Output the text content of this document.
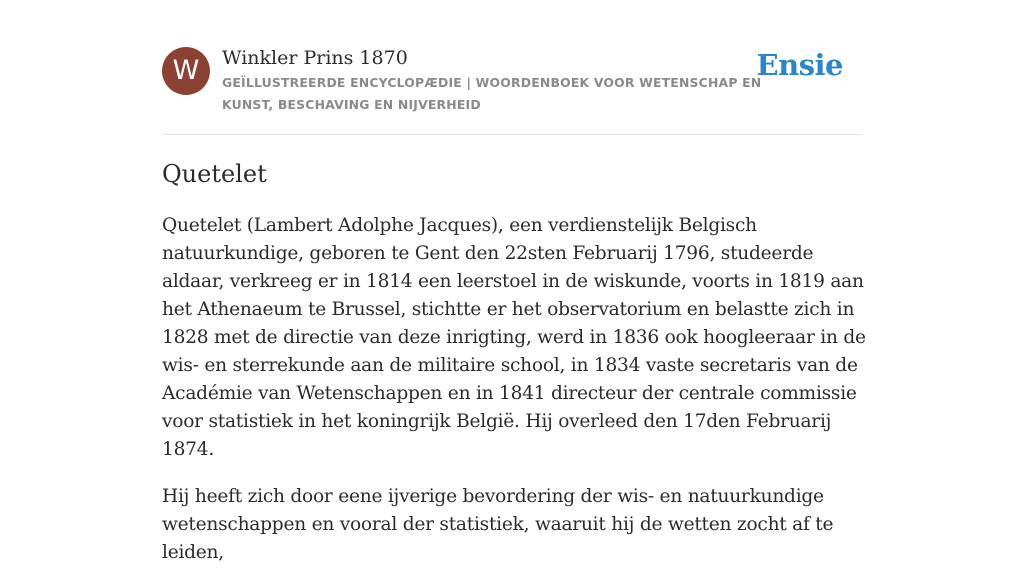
W	Winkler Prins 1870

GEÏLLUSTREERDE ENCYCLOPÆDIE | WOORDENBOEK VOOR WETENSCHAP EN KUNST, BESCHAVING EN NIJVERHEID

Ensie
Quetelet

Quetelet (Lambert Adolphe Jacques), een verdienstelijk Belgisch natuurkundige, geboren te Gent den 22sten Februarij 1796, studeerde aldaar, verkreeg er in 1814 een leerstoel in de wiskunde, voorts in 1819 aan het Athenaeum te Brussel, stichtte er het observatorium en belastte zich in 1828 met de directie van deze inrigting, werd in 1836 ook hoogleeraar in de wis- en sterrekunde aan de militaire school, in 1834 vaste secretaris van de Académie van Wetenschappen en in 1841 directeur der centrale commissie voor statistiek in het koningrijk België. Hij overleed den 17den Februarij 1874.

Hij heeft zich door eene ijverige bevordering der wis- en natuurkundige wetenschappen en vooral der statistiek, waaruit hij de wetten zocht af te leiden,
